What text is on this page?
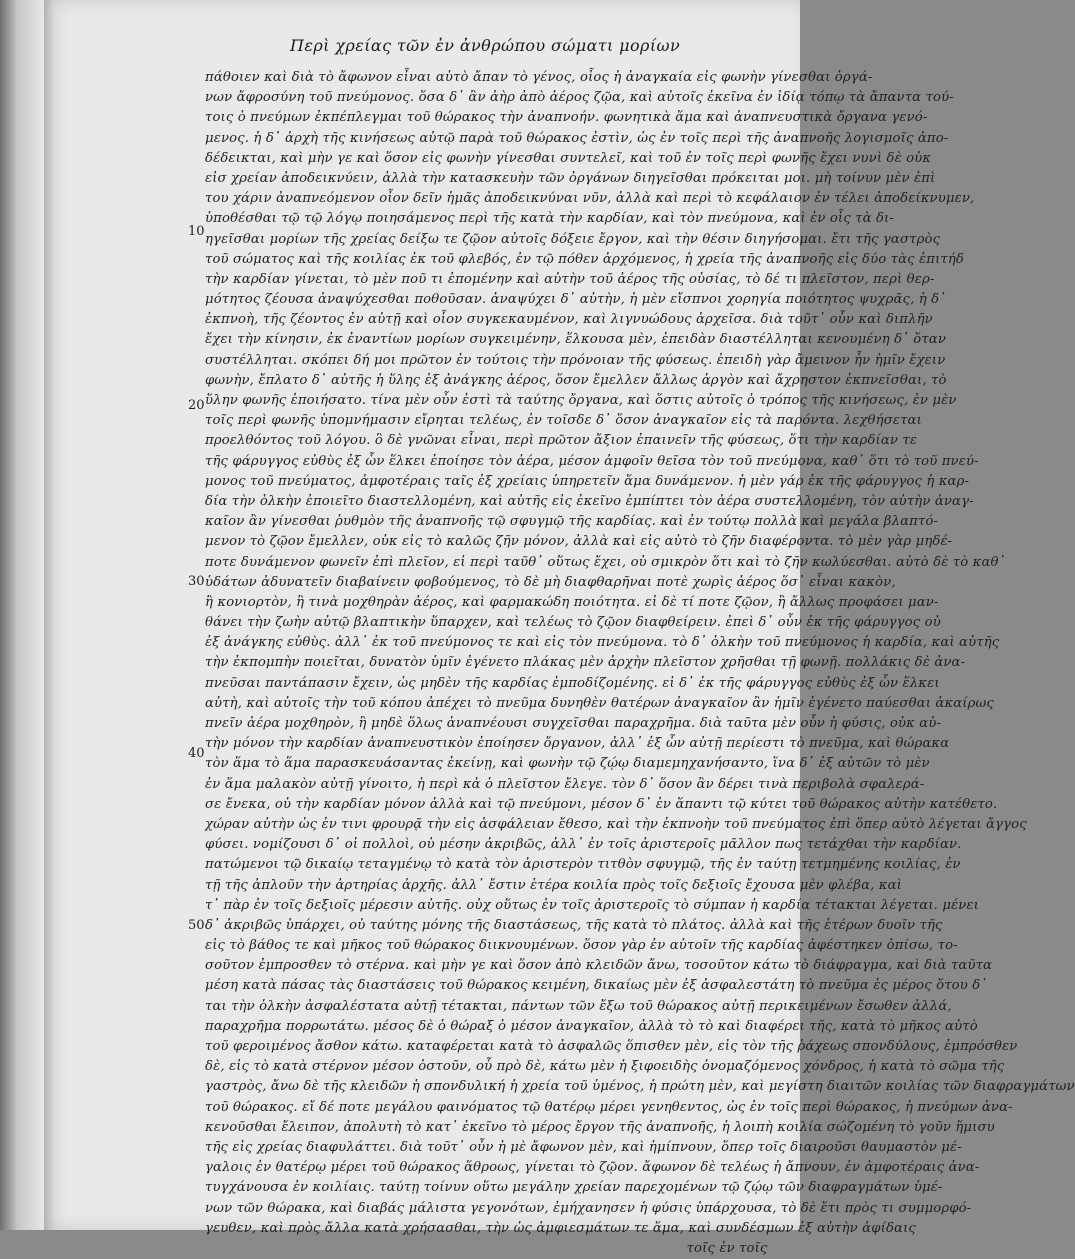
Περὶ χρείας τῶν ἐν ἀνθρώπου σώματι μορίων
10
20
30
40
50
πάθοιεν καὶ διὰ τὸ ἄφωνον εἶναι αὐτὸ ἄπαν τὸ γένος, οἷος ἡ ἀναγκαία εἰς φωνὴν γίνεσθαι ὀργά-
νων ἄφροσύνη τοῦ πνεύμονος. ὅσα δ᾽ ἂν ἀὴρ ἀπὸ ἀέρος ζῷα, καὶ αὐτοῖς ἐκεῖνα ἐν ἰδίᾳ τόπῳ τὰ ἄπαντα τού-
τοις ὁ πνεύμων ἐκπέπλεγμαι τοῦ θώρακος τὴν ἀναπνοήν. φωνητικὰ ἅμα καὶ ἀναπνευστικὰ ὄργανα γενό-
μενος. ἡ δ᾽ ἀρχὴ τῆς κινήσεως αὐτῷ παρὰ τοῦ θώρακος ἐστὶν, ὡς ἐν τοῖς περὶ τῆς ἀναπνοῆς λογισμοῖς ἀπο-
δέδεικται, καὶ μὴν γε καὶ ὅσον εἰς φωνὴν γίνεσθαι συντελεῖ, καὶ τοῦ ἐν τοῖς περὶ φωνῆς ἔχει νυνὶ δὲ οὐκ
εἰσ χρείαν ἀποδεικνύειν, ἀλλὰ τὴν κατασκευὴν τῶν ὀργάνων διηγεῖσθαι πρόκειται μοι. μὴ τοίνυν μὲν ἐπὶ
του χάριν ἀναπνεόμενον οἶον δεῖν ἡμᾶς ἀποδεικνύναι νῦν, ἀλλὰ καὶ περὶ τὸ κεφάλαιον ἐν τέλει ἀποδείκνυμεν,
ὑποθέσθαι τῷ τῷ λόγῳ ποιησάμενος περὶ τῆς κατὰ τὴν καρδίαν, καὶ τὸν πνεύμονα, καὶ ἐν οἷς τὰ δι-
ηγεῖσθαι μορίων τῆς χρείας δείξω τε ζῷον αὐτοῖς δόξειε ἔργον, καὶ τὴν θέσιν διηγήσομαι. ἔτι τῆς γαστρὸς
τοῦ σώματος καὶ τῆς κοιλίας ἐκ τοῦ φλεβός, ἐν τῷ πόθεν ἀρχόμενος, ἡ χρεία τῆς ἀναπνοῆς εἰς δύο τὰς ἐπιτήδ
τὴν καρδίαν γίνεται, τὸ μὲν ποῦ τι ἐπομένην καὶ αὐτὴν τοῦ ἀέρος τῆς οὐσίας, τὸ δέ τι πλεῖστον, περὶ θερ-
μότητος ζέουσα ἀναψύχεσθαι ποθοῦσαν. ἀναψύχει δ᾽ αὐτὴν, ἡ μὲν εἴσπνοι χορηγία ποιότητος ψυχρᾶς, ἡ δ᾽
ἐκπνοὴ, τῆς ζέοντος ἐν αὐτῇ καὶ οἷον συγκεκαυμένον, καὶ λιγνυώδους ἀρχεῖσα. διὰ τοῦτ᾽ οὖν καὶ διπλῆν
ἔχει τὴν κίνησιν, ἐκ ἐναντίων μορίων συγκειμένην, ἕλκουσα μὲν, ἐπειδὰν διαστέλληται κενουμένη δ᾽ ὅταν
συστέλληται. σκόπει δή μοι πρῶτον ἐν τούτοις τὴν πρόνοιαν τῆς φύσεως. ἐπειδὴ γὰρ ἄμεινον ἦν ἡμῖν ἔχειν
φωνὴν, ἔπλατο δ᾽ αὐτῆς ἡ ὕλης ἐξ ἀνάγκης ἀέρος, ὅσον ἔμελλεν ἄλλως ἀργὸν καὶ ἄχρηστον ἐκπνεῖσθαι, τὸ
ὕλην φωνῆς ἐποιήσατο. τίνα μὲν οὖν ἐστὶ τὰ ταύτης ὄργανα, καὶ ὅστις αὐτοῖς ὁ τρόπος τῆς κινήσεως, ἐν μὲν
τοῖς περὶ φωνῆς ὑπομνήμασιν εἴρηται τελέως, ἐν τοῖσδε δ᾽ ὅσον ἀναγκαῖον εἰς τὰ παρόντα. λεχθήσεται
προελθόντος τοῦ λόγου. ὃ δὲ γνῶναι εἶναι, περὶ πρῶτον ἄξιον ἐπαινεῖν τῆς φύσεως, ὅτι τὴν καρδίαν τε
τῆς φάρυγγος εὐθὺς ἐξ ὧν ἕλκει ἐποίησε τὸν ἀέρα, μέσον ἀμφοῖν θεῖσα τὸν τοῦ πνεύμονα, καθ᾽ ὅτι τὸ τοῦ πνεύ-
μονος τοῦ πνεύματος, ἀμφοτέραις ταῖς ἐξ χρείαις ὑπηρετεῖν ἅμα δυνάμενον. ἡ μὲν γάρ ἐκ τῆς φάρυγγος ἡ καρ-
δία τὴν ὁλκὴν ἐποιεῖτο διαστελλομένη, καὶ αὐτῆς εἰς ἐκεῖνο ἐμπίπτει τὸν ἀέρα συστελλομένη, τὸν αὐτὴν ἀναγ-
καῖον ἂν γίνεσθαι ῥυθμὸν τῆς ἀναπνοῆς τῷ σφυγμῷ τῆς καρδίας. καὶ ἐν τούτῳ πολλὰ καὶ μεγάλα βλαπτό-
μενον τὸ ζῷον ἔμελλεν, οὐκ εἰς τὸ καλῶς ζῆν μόνον, ἀλλὰ καὶ εἰς αὐτὸ τὸ ζῆν διαφέροντα. τὸ μὲν γὰρ μηδέ-
ποτε δυνάμενον φωνεῖν ἐπὶ πλεῖον, εἰ περὶ ταῦθ᾽ οὕτως ἔχει, οὐ σμικρὸν ὅτι καὶ τὸ ζῆν κωλύεσθαι. αὐτὸ δὲ τὸ καθ᾽
ὑδάτων ἀδυνατεῖν διαβαίνειν φοβούμενος, τὸ δὲ μὴ διαφθαρῆναι ποτὲ χωρὶς ἀέρος ὅσ᾽ εἶναι κακὸν,
ἢ κονιορτὸν, ἢ τινὰ μοχθηρὰν ἀέρος, καὶ φαρμακώδη ποιότητα. εἰ δὲ τί ποτε ζῷον, ἢ ἄλλως προφάσει μαν-
θάνει τὴν ζωὴν αὐτῷ βλαπτικὴν ὕπαρχεν, καὶ τελέως τὸ ζῷον διαφθείρειν. ἐπεὶ δ᾽ οὖν ἐκ τῆς φάρυγγος οὐ
ἐξ ἀνάγκης εὐθὺς. ἀλλ᾽ ἐκ τοῦ πνεύμονος τε καὶ εἰς τὸν πνεύμονα. τὸ δ᾽ ὁλκὴν τοῦ πνεύμονος ἡ καρδία, καὶ αὐτῆς
τὴν ἐκπομπὴν ποιεῖται, δυνατὸν ὑμῖν ἐγένετο πλάκας μὲν ἀρχὴν πλεῖστον χρῆσθαι τῇ φωνῇ. πολλάκις δὲ ἀνα-
πνεῦσαι παντάπασιν ἔχειν, ὡς μηδὲν τῆς καρδίας ἐμποδίζομένης. εἰ δ᾽ ἐκ τῆς φάρυγγος εὐθὺς ἐξ ὧν ἕλκει
αὐτὴ, καὶ αὐτοῖς τὴν τοῦ κόπου ἀπέχει τὸ πνεῦμα δυνηθὲν θατέρων ἀναγκαῖον ἂν ἡμῖν ἐγένετο παύεσθαι ἀκαίρως
πνεῖν ἀέρα μοχθηρὸν, ἢ μηδὲ ὅλως ἀναπνέουσι συγχεῖσθαι παραχρῆμα. διὰ ταῦτα μὲν οὖν ἡ φύσις, οὐκ αὐ-
τὴν μόνον τὴν καρδίαν ἀναπνευστικὸν ἐποίησεν ὄργανον, ἀλλ᾽ ἐξ ὧν αὐτῇ περίεστι τὸ πνεῦμα, καὶ θώρακα
τὸν ἅμα τὸ ἅμα παρασκευάσαντας ἐκείνῃ, καὶ φωνὴν τῷ ζῴῳ διαμεμηχανήσαντο, ἵνα δ᾽ ἐξ αὐτῶν τὸ μὲν
ἐν ἅμα μαλακὸν αὐτῇ γίνοιτο, ἡ περὶ κἀ ὁ πλεῖστον ἔλεγε. τὸν δ᾽ ὅσον ἂν δέρει τινὰ περιβολὰ σφαλερά-
σε ἔνεκα, οὐ τὴν καρδίαν μόνον ἀλλὰ καὶ τῷ πνεύμονι, μέσον δ᾽ ἐν ἅπαντι τῷ κύτει τοῦ θώρακος αὐτὴν κατέθετο.
χώραν αὐτὴν ὡς ἐν τινι φρουρᾷ τὴν εἰς ἀσφάλειαν ἔθεσο, καὶ τὴν ἐκπνοὴν τοῦ πνεύματος ἐπὶ ὅπερ αὐτὸ λέγεται ἄγγος
φύσει. νομίζουσι δ᾽ οἱ πολλοὶ, οὐ μέσην ἀκριβῶς, ἀλλ᾽ ἐν τοῖς ἀριστεροῖς μᾶλλον πως τετάχθαι τὴν καρδίαν.
πατώμενοι τῷ δικαίῳ τεταγμένῳ τὸ κατὰ τὸν ἀριστερὸν τιτθὸν σφυγμῷ, τῆς ἐν ταύτῃ τετμημένης κοιλίας, ἐν
τῇ τῆς ἀπλοῦν τὴν ἀρτηρίας ἀρχῆς. ἀλλ᾽ ἔστιν ἑτέρα κοιλία πρὸς τοῖς δεξιοῖς ἔχουσα μὲν φλέβα, καὶ
τ᾽ πὰρ ἐν τοῖς δεξιοῖς μέρεσιν αὐτῆς. οὐχ οὕτως ἐν τοῖς ἀριστεροῖς τὸ σύμπαν ἡ καρδία τέτακται λέγεται. μένει
δ᾽ ἀκριβῶς ὑπάρχει, οὐ ταύτης μόνης τῆς διαστάσεως, τῆς κατὰ τὸ πλάτος. ἀλλὰ καὶ τῆς ἑτέρων δυοῖν τῆς
εἰς τὸ βάθος τε καὶ μῆκος τοῦ θώρακος διικνουμένων. ὅσον γὰρ ἐν αὐτοῖν τῆς καρδίας ἀφέστηκεν ὀπίσω, το-
σοῦτον ἐμπροσθεν τὸ στέρνα. καὶ μὴν γε καὶ ὅσον ἀπὸ κλειδῶν ἄνω, τοσοῦτον κάτω τὸ διάφραγμα, καὶ διὰ ταῦτα
μέση κατὰ πάσας τὰς διαστάσεις τοῦ θώρακος κειμένη, δικαίως μὲν ἐξ ἀσφαλεστάτη τὸ πνεῦμα ἐς μέρος ὅτου δ᾽
ται τὴν ὁλκὴν ἀσφαλέστατα αὐτῇ τέτακται, πάντων τῶν ἔξω τοῦ θώρακος αὐτῇ περικειμένων ἔσωθεν ἀλλά,
παραχρῆμα πορρωτάτω. μέσος δὲ ὁ θώραξ ὁ μέσον ἀναγκαῖον, ἀλλὰ τὸ τὸ καὶ διαφέρει τῆς, κατὰ τὸ μῆκος αὐτὸ
τοῦ φεροιμένος ἄσθον κάτω. καταφέρεται κατὰ τὸ ἀσφαλῶς ὅπισθεν μὲν, εἰς τὸν τῆς ῥάχεως σπονδύλους, ἐμπρόσθεν
δὲ, εἰς τὸ κατὰ στέρνον μέσον ὀστοῦν, οὗ πρὸ δὲ, κάτω μὲν ἡ ξιφοειδὴς ὀνομαζόμενος χόνδρος, ἡ κατὰ τὸ σῶμα τῆς
γαστρὸς, ἄνω δὲ τῆς κλειδῶν ἡ σπονδυλική ἡ χρεία τοῦ ὑμένος, ἡ πρώτη μὲν, καὶ μεγίστη διαιτῶν κοιλίας τῶν διαφραγμάτων
τοῦ θώρακος. εἴ δέ ποτε μεγάλου φαινόματος τῷ θατέρῳ μέρει γενηθεντος, ὡς ἐν τοῖς περὶ θώρακος, ἡ πνεύμων ἀνα-
κενοῦσθαι ἔλειπον, ἀπολυτὴ τὸ κατ᾽ ἐκεῖνο τὸ μέρος ἔργον τῆς ἀναπνοῆς, ἡ λοιπὴ κοιλία σώζομένη τὸ γοῦν ἥμισυ
τῆς εἰς χρείας διαφυλάττει. διὰ τοῦτ᾽ οὖν ἡ μὲ ἄφωνον μὲν, καὶ ἡμίπνουν, ὅπερ τοῖς διαιροῦσι θαυμαστὸν μέ-
γαλοις ἐν θατέρῳ μέρει τοῦ θώρακος ἅθροως, γίνεται τὸ ζῷον. ἄφωνον δὲ τελέως ἡ ἄπνουν, ἐν ἀμφοτέραις ἀνα-
τυγχάνουσα ἐν κοιλίαις. ταύτῃ τοίνυν οὕτω μεγάλην χρείαν παρεχομένων τῷ ζῴῳ τῶν διαφραγμάτων ὑμέ-
νων τῶν θώρακα, καὶ διαβάς μάλιστα γεγονότων, ἐμήχανησεν ἡ φύσις ὑπάρχουσα, τὸ δὲ ἔτι πρὸς τι συμμορφό-
γευθεν, καὶ πρὸς ἄλλα κατὰ χρήσασθαι, τὴν ὡς ἀμφιεσμάτων τε ἅμα, καὶ συνδέσμων ἐξ αὐτὴν ἀφίδαις
τοῖς ἐν τοῖς
